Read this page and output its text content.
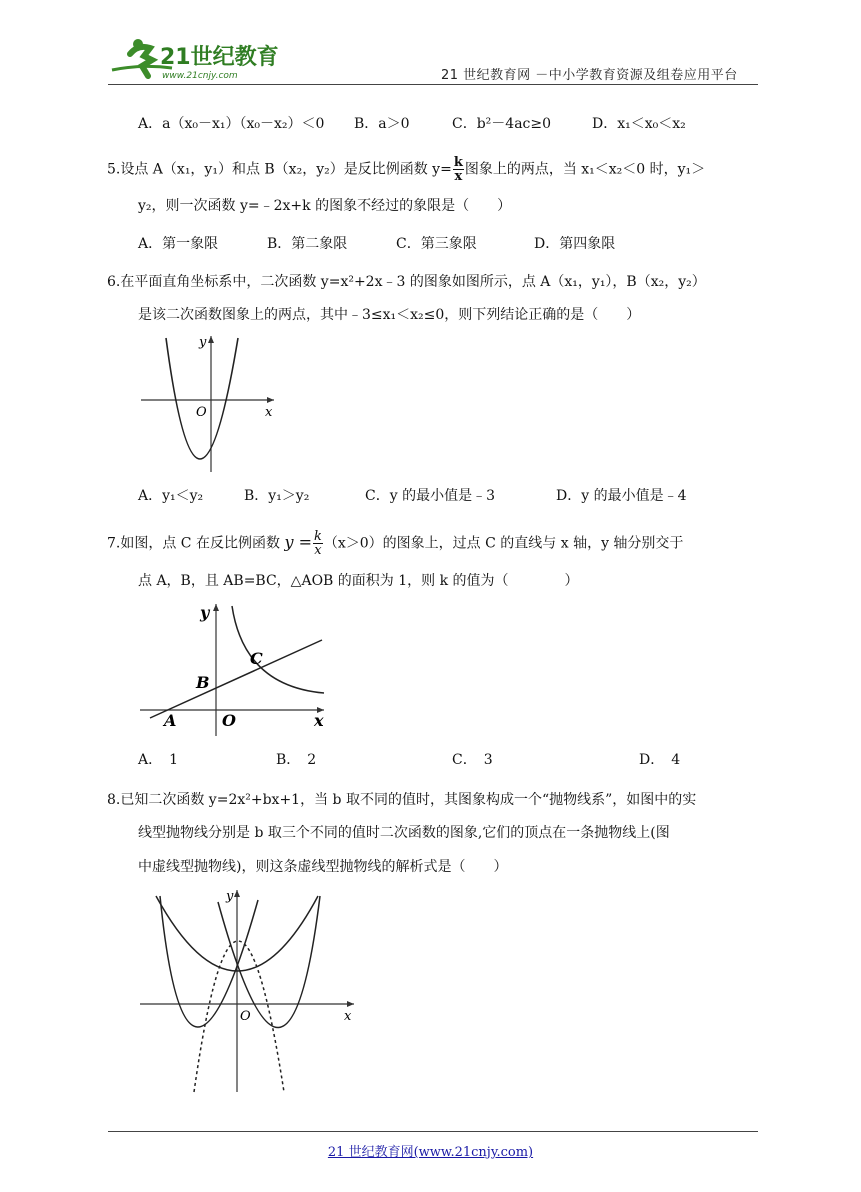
21世纪教育
www.21cnjy.com	21 世纪教育网 －中小学教育资源及组卷应用平台
A．a（x₀－x₁）（x₀－x₂）＜0 B．a＞0	C．b²－4ac≥0	D．x₁＜x₀＜x₂
5.设点 A（x₁，y₁）和点 B（x₂，y₂）是反比例函数 $y= \frac{k}{x}$ 图象上的两点，当 x₁＜x₂＜0 时，y₁＞
y₂，则一次函数 y=﹣2x+k 的图象不经过的象限是（　　）
A．第一象限	B．第二象限	C．第三象限	D．第四象限
6.在平面直角坐标系中，二次函数 y=x²+2x﹣3 的图象如图所示，点 A（x₁，y₁），B（x₂，y₂）
是该二次函数图象上的两点，其中﹣3≤x₁＜x₂≤0，则下列结论正确的是（　　）
y
O	x
A．y₁＜y₂	B．y₁＞y₂	C．y 的最小值是﹣3	D．y 的最小值是﹣4
7.如图，点 C 在反比例函数 $y = \frac{k}{x} (x>0)$的图象上，过点 C 的直线与 x 轴，y 轴分别交于
点 A，B，且 AB=BC，△AOB 的面积为 1，则 k 的值为（　　　　）
y
C
B
A	O	x
A．　1	B．　2	C．　3	D．　4
8.已知二次函数 y=2x²+bx+1，当 b 取不同的值时，其图象构成一个“抛物线系”，如图中的实
线型抛物线分别是 b 取三个不同的值时二次函数的图象,它们的顶点在一条抛物线上(图
中虚线型抛物线)，则这条虚线型抛物线的解析式是（　　）
y
O	x
21 世纪教育网(www.21cnjy.com)
